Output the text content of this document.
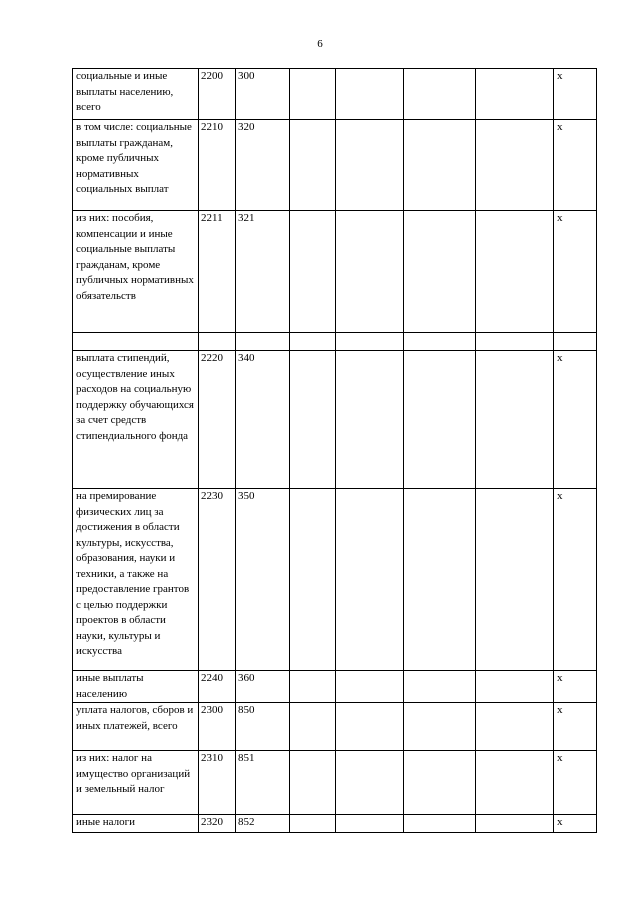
6
социальные и иные выплаты населению, всего	2200	300					x
в том числе: социальные выплаты гражданам, кроме публичных нормативных социальных выплат	2210	320					x
из них: пособия, компенсации и иные социальные выплаты гражданам, кроме публичных нормативных обязательств	2211	321					x

выплата стипендий, осуществление иных расходов на социальную поддержку обучающихся за счет средств стипендиального фонда	2220	340					x
на премирование физических лиц за достижения в области культуры, искусства, образования, науки и техники, а также на предоставление грантов с целью поддержки проектов в области науки, культуры и искусства	2230	350					x
иные выплаты населению	2240	360					x
уплата налогов, сборов и иных платежей, всего	2300	850					x
из них: налог на имущество организаций и земельный налог	2310	851					x
иные налоги	2320	852					x
